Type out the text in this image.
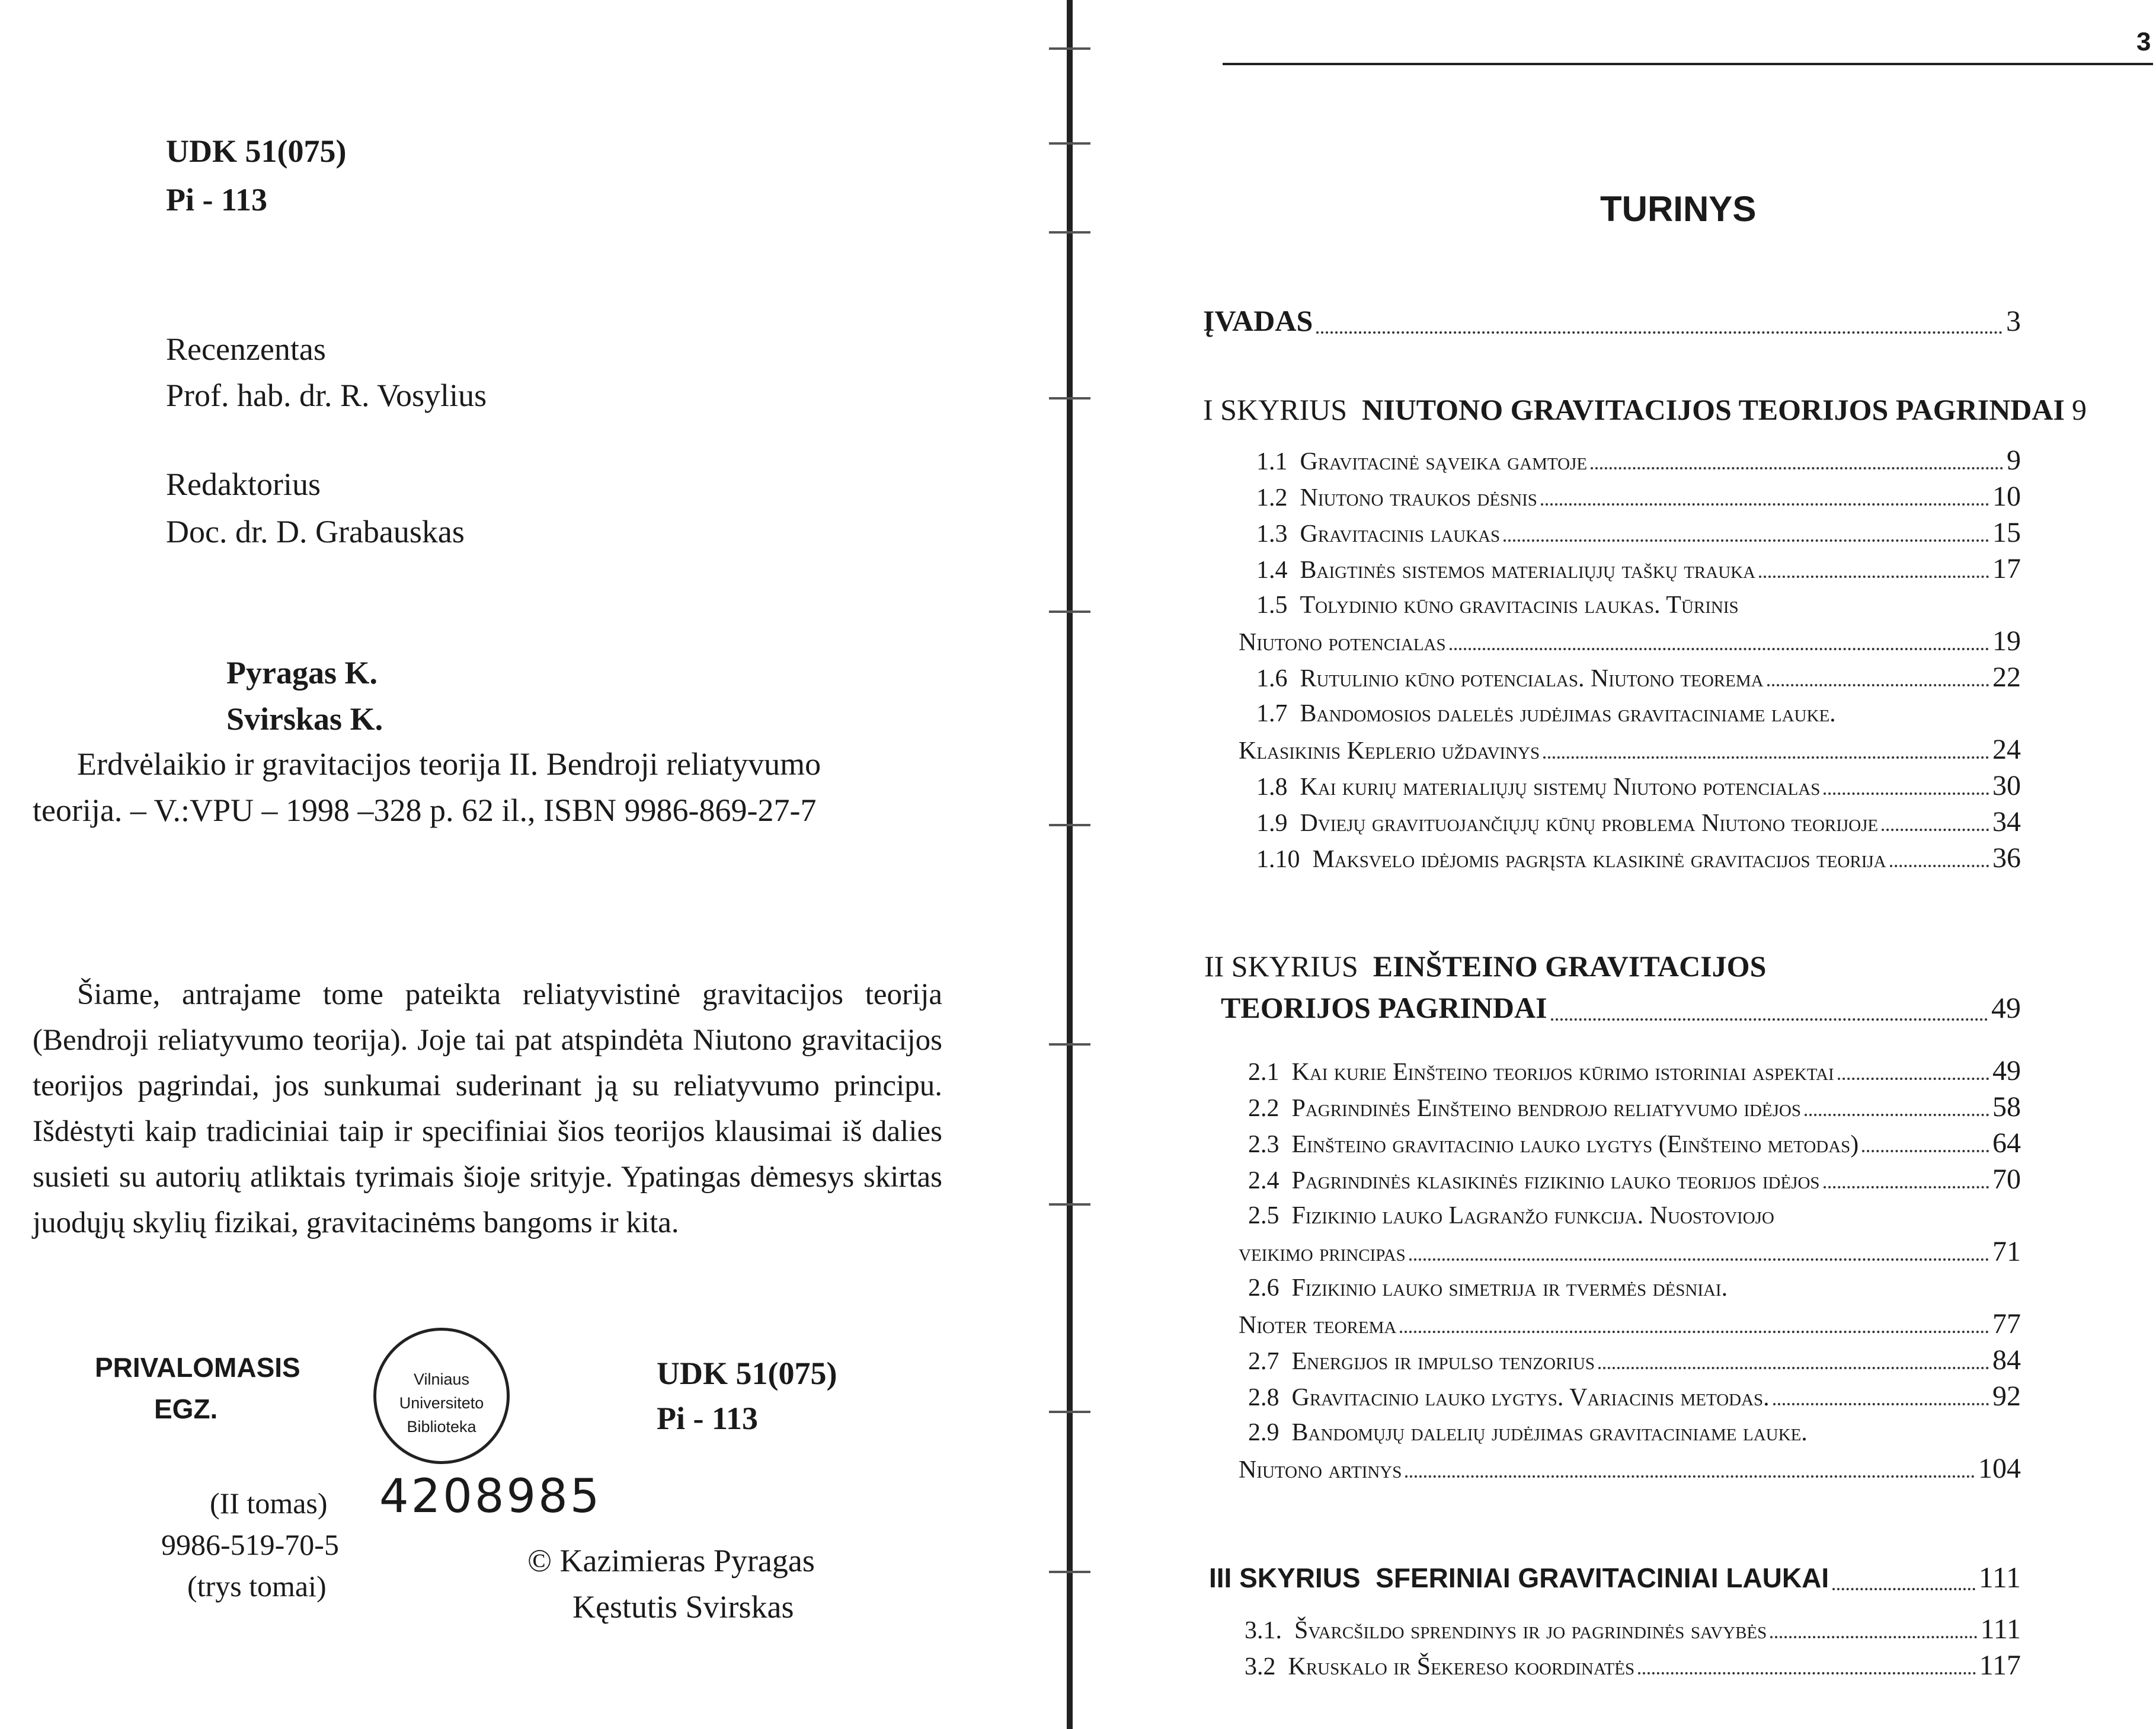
UDK 51(075)
Pi - 113
Recenzentas
Prof. hab. dr. R. Vosylius
Redaktorius
Doc. dr. D. Grabauskas
Pyragas K.
Svirskas K.
Erdvėlaikio ir gravitacijos teorija II. Bendroji reliatyvumo
teorija. – V.:VPU – 1998 –328 p. 62 il., ISBN 9986-869-27-7
Šiame, antrajame tome pateikta reliatyvistinė gravitacijos teorija (Bendroji reliatyvumo teorija). Joje tai pat atspindėta Niutono gravitacijos teorijos pagrindai, jos sunkumai suderinant ją su reliatyvumo principu. Išdėstyti kaip tradiciniai taip ir specifiniai šios teorijos klausimai iš dalies susieti su autorių atliktais tyrimais šioje srityje. Ypatingas dėmesys skirtas juodųjų skylių fizikai, gravitacinėms bangoms ir kita.
PRIVALOMASIS
EGZ.
Vilniaus
Universiteto
Biblioteka
UDK 51(075)
Pi - 113
(II tomas)
9986-519-70-5
(trys tomai)
4208985
© Kazimieras Pyragas
Kęstutis Svirskas
3
TURINYS
ĮVADAS	3
I SKYRIUS NIUTONO GRAVITACIJOS TEORIJOS PAGRINDAI 9
1.1 Gravitacinė sąveika gamtoje	9
1.2 Niutono traukos dėsnis	10
1.3 Gravitacinis laukas	15
1.4 Baigtinės sistemos materialiųjų taškų trauka	17
1.5 Tolydinio kūno gravitacinis laukas. Tūrinis
Niutono potencialas	19
1.6 Rutulinio kūno potencialas. Niutono teorema	22
1.7 Bandomosios dalelės judėjimas gravitaciniame lauke.
Klasikinis Keplerio uždavinys	24
1.8 Kai kurių materialiųjų sistemų Niutono potencialas	30
1.9 Dviejų gravituojančiųjų kūnų problema Niutono teorijoje	34
1.10 Maksvelo idėjomis pagrįsta klasikinė gravitacijos teorija	36
II SKYRIUS EINŠTEINO GRAVITACIJOS
TEORIJOS PAGRINDAI	49
2.1 Kai kurie Einšteino teorijos kūrimo istoriniai aspektai	49
2.2 Pagrindinės Einšteino bendrojo reliatyvumo idėjos	58
2.3 Einšteino gravitacinio lauko lygtys (Einšteino metodas)	64
2.4 Pagrindinės klasikinės fizikinio lauko teorijos idėjos	70
2.5 Fizikinio lauko Lagranžo funkcija. Nuostoviojo
veikimo principas	71
2.6 Fizikinio lauko simetrija ir tvermės dėsniai.
Nioter teorema	77
2.7 Energijos ir impulso tenzorius	84
2.8 Gravitacinio lauko lygtys. Variacinis metodas.	92
2.9 Bandomųjų dalelių judėjimas gravitaciniame lauke.
Niutono artinys	104
III SKYRIUS SFERINIAI GRAVITACINIAI LAUKAI	111
3.1. Švarcšildo sprendinys ir jo pagrindinės savybės	111
3.2 Kruskalo ir Šekereso koordinatės	117
